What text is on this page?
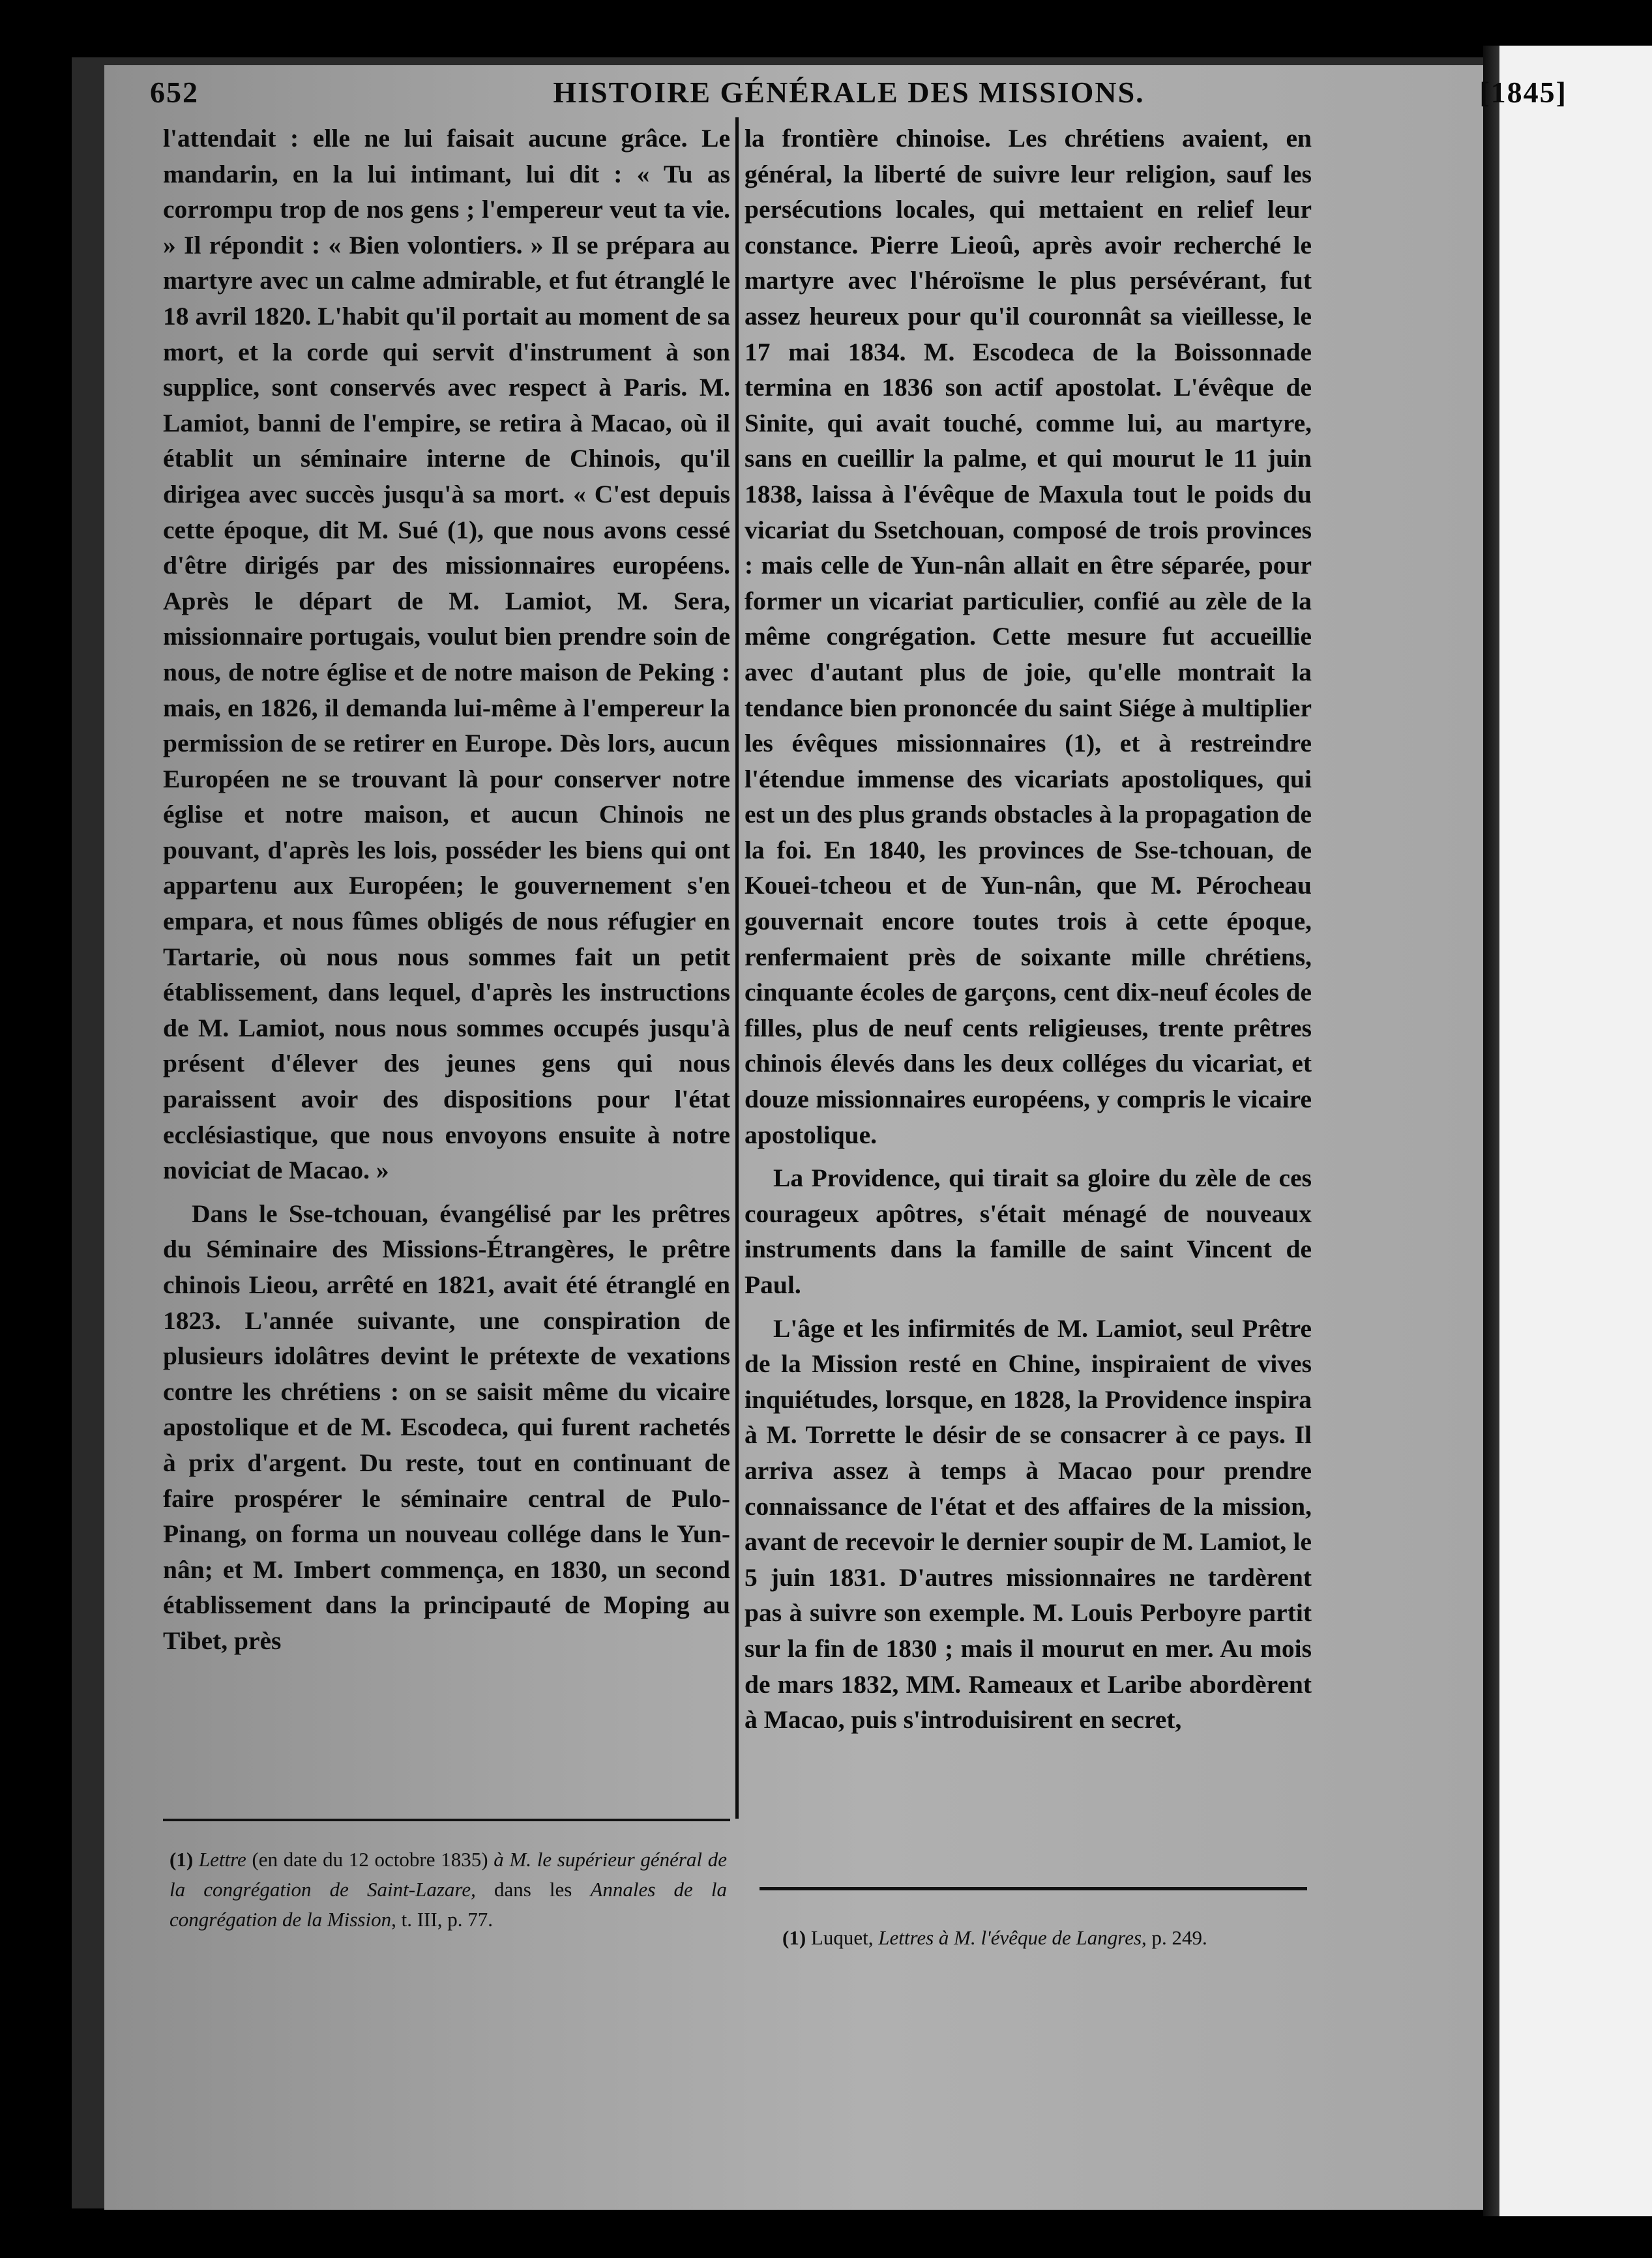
652	HISTOIRE GÉNÉRALE DES MISSIONS.	[1845]

l'attendait : elle ne lui faisait aucune grâce. Le mandarin, en la lui intimant, lui dit : « Tu as corrompu trop de nos gens ; l'empereur veut ta vie. » Il répondit : « Bien volontiers. » Il se prépara au martyre avec un calme admirable, et fut étranglé le 18 avril 1820. L'habit qu'il portait au moment de sa mort, et la corde qui servit d'instrument à son supplice, sont conservés avec respect à Paris. M. Lamiot, banni de l'empire, se retira à Macao, où il établit un séminaire interne de Chinois, qu'il dirigea avec succès jusqu'à sa mort. « C'est depuis cette époque, dit M. Sué (1), que nous avons cessé d'être dirigés par des missionnaires européens. Après le départ de M. Lamiot, M. Sera, missionnaire portugais, voulut bien prendre soin de nous, de notre église et de notre maison de Peking : mais, en 1826, il demanda lui-même à l'empereur la permission de se retirer en Europe. Dès lors, aucun Européen ne se trouvant là pour conserver notre église et notre maison, et aucun Chinois ne pouvant, d'après les lois, posséder les biens qui ont appartenu aux Européen; le gouvernement s'en empara, et nous fûmes obligés de nous réfugier en Tartarie, où nous nous sommes fait un petit établissement, dans lequel, d'après les instructions de M. Lamiot, nous nous sommes occupés jusqu'à présent d'élever des jeunes gens qui nous paraissent avoir des dispositions pour l'état ecclésiastique, que nous envoyons ensuite à notre noviciat de Macao. »

Dans le Sse-tchouan, évangélisé par les prêtres du Séminaire des Missions-Étrangères, le prêtre chinois Lieou, arrêté en 1821, avait été étranglé en 1823. L'année suivante, une conspiration de plusieurs idolâtres devint le prétexte de vexations contre les chrétiens : on se saisit même du vicaire apostolique et de M. Escodeca, qui furent rachetés à prix d'argent. Du reste, tout en continuant de faire prospérer le séminaire central de Pulo-Pinang, on forma un nouveau collége dans le Yun-nân; et M. Imbert commença, en 1830, un second établissement dans la principauté de Moping au Tibet, près

la frontière chinoise. Les chrétiens avaient, en général, la liberté de suivre leur religion, sauf les persécutions locales, qui mettaient en relief leur constance. Pierre Lieoû, après avoir recherché le martyre avec l'héroïsme le plus persévérant, fut assez heureux pour qu'il couronnât sa vieillesse, le 17 mai 1834. M. Escodeca de la Boissonnade termina en 1836 son actif apostolat. L'évêque de Sinite, qui avait touché, comme lui, au martyre, sans en cueillir la palme, et qui mourut le 11 juin 1838, laissa à l'évêque de Maxula tout le poids du vicariat du Ssetchouan, composé de trois provinces : mais celle de Yun-nân allait en être séparée, pour former un vicariat particulier, confié au zèle de la même congrégation. Cette mesure fut accueillie avec d'autant plus de joie, qu'elle montrait la tendance bien prononcée du saint Siége à multiplier les évêques missionnaires (1), et à restreindre l'étendue immense des vicariats apostoliques, qui est un des plus grands obstacles à la propagation de la foi. En 1840, les provinces de Sse-tchouan, de Kouei-tcheou et de Yun-nân, que M. Pérocheau gouvernait encore toutes trois à cette époque, renfermaient près de soixante mille chrétiens, cinquante écoles de garçons, cent dix-neuf écoles de filles, plus de neuf cents religieuses, trente prêtres chinois élevés dans les deux colléges du vicariat, et douze missionnaires européens, y compris le vicaire apostolique.

La Providence, qui tirait sa gloire du zèle de ces courageux apôtres, s'était ménagé de nouveaux instruments dans la famille de saint Vincent de Paul.

L'âge et les infirmités de M. Lamiot, seul Prêtre de la Mission resté en Chine, inspiraient de vives inquiétudes, lorsque, en 1828, la Providence inspira à M. Torrette le désir de se consacrer à ce pays. Il arriva assez à temps à Macao pour prendre connaissance de l'état et des affaires de la mission, avant de recevoir le dernier soupir de M. Lamiot, le 5 juin 1831. D'autres missionnaires ne tardèrent pas à suivre son exemple. M. Louis Perboyre partit sur la fin de 1830 ; mais il mourut en mer. Au mois de mars 1832, MM. Rameaux et Laribe abordèrent à Macao, puis s'introduisirent en secret,

(1) Lettre (en date du 12 octobre 1835) à M. le supérieur général de la congrégation de Saint-Lazare, dans les Annales de la congrégation de la Mission, t. III, p. 77.
(1) Luquet, Lettres à M. l'évêque de Langres, p. 249.
